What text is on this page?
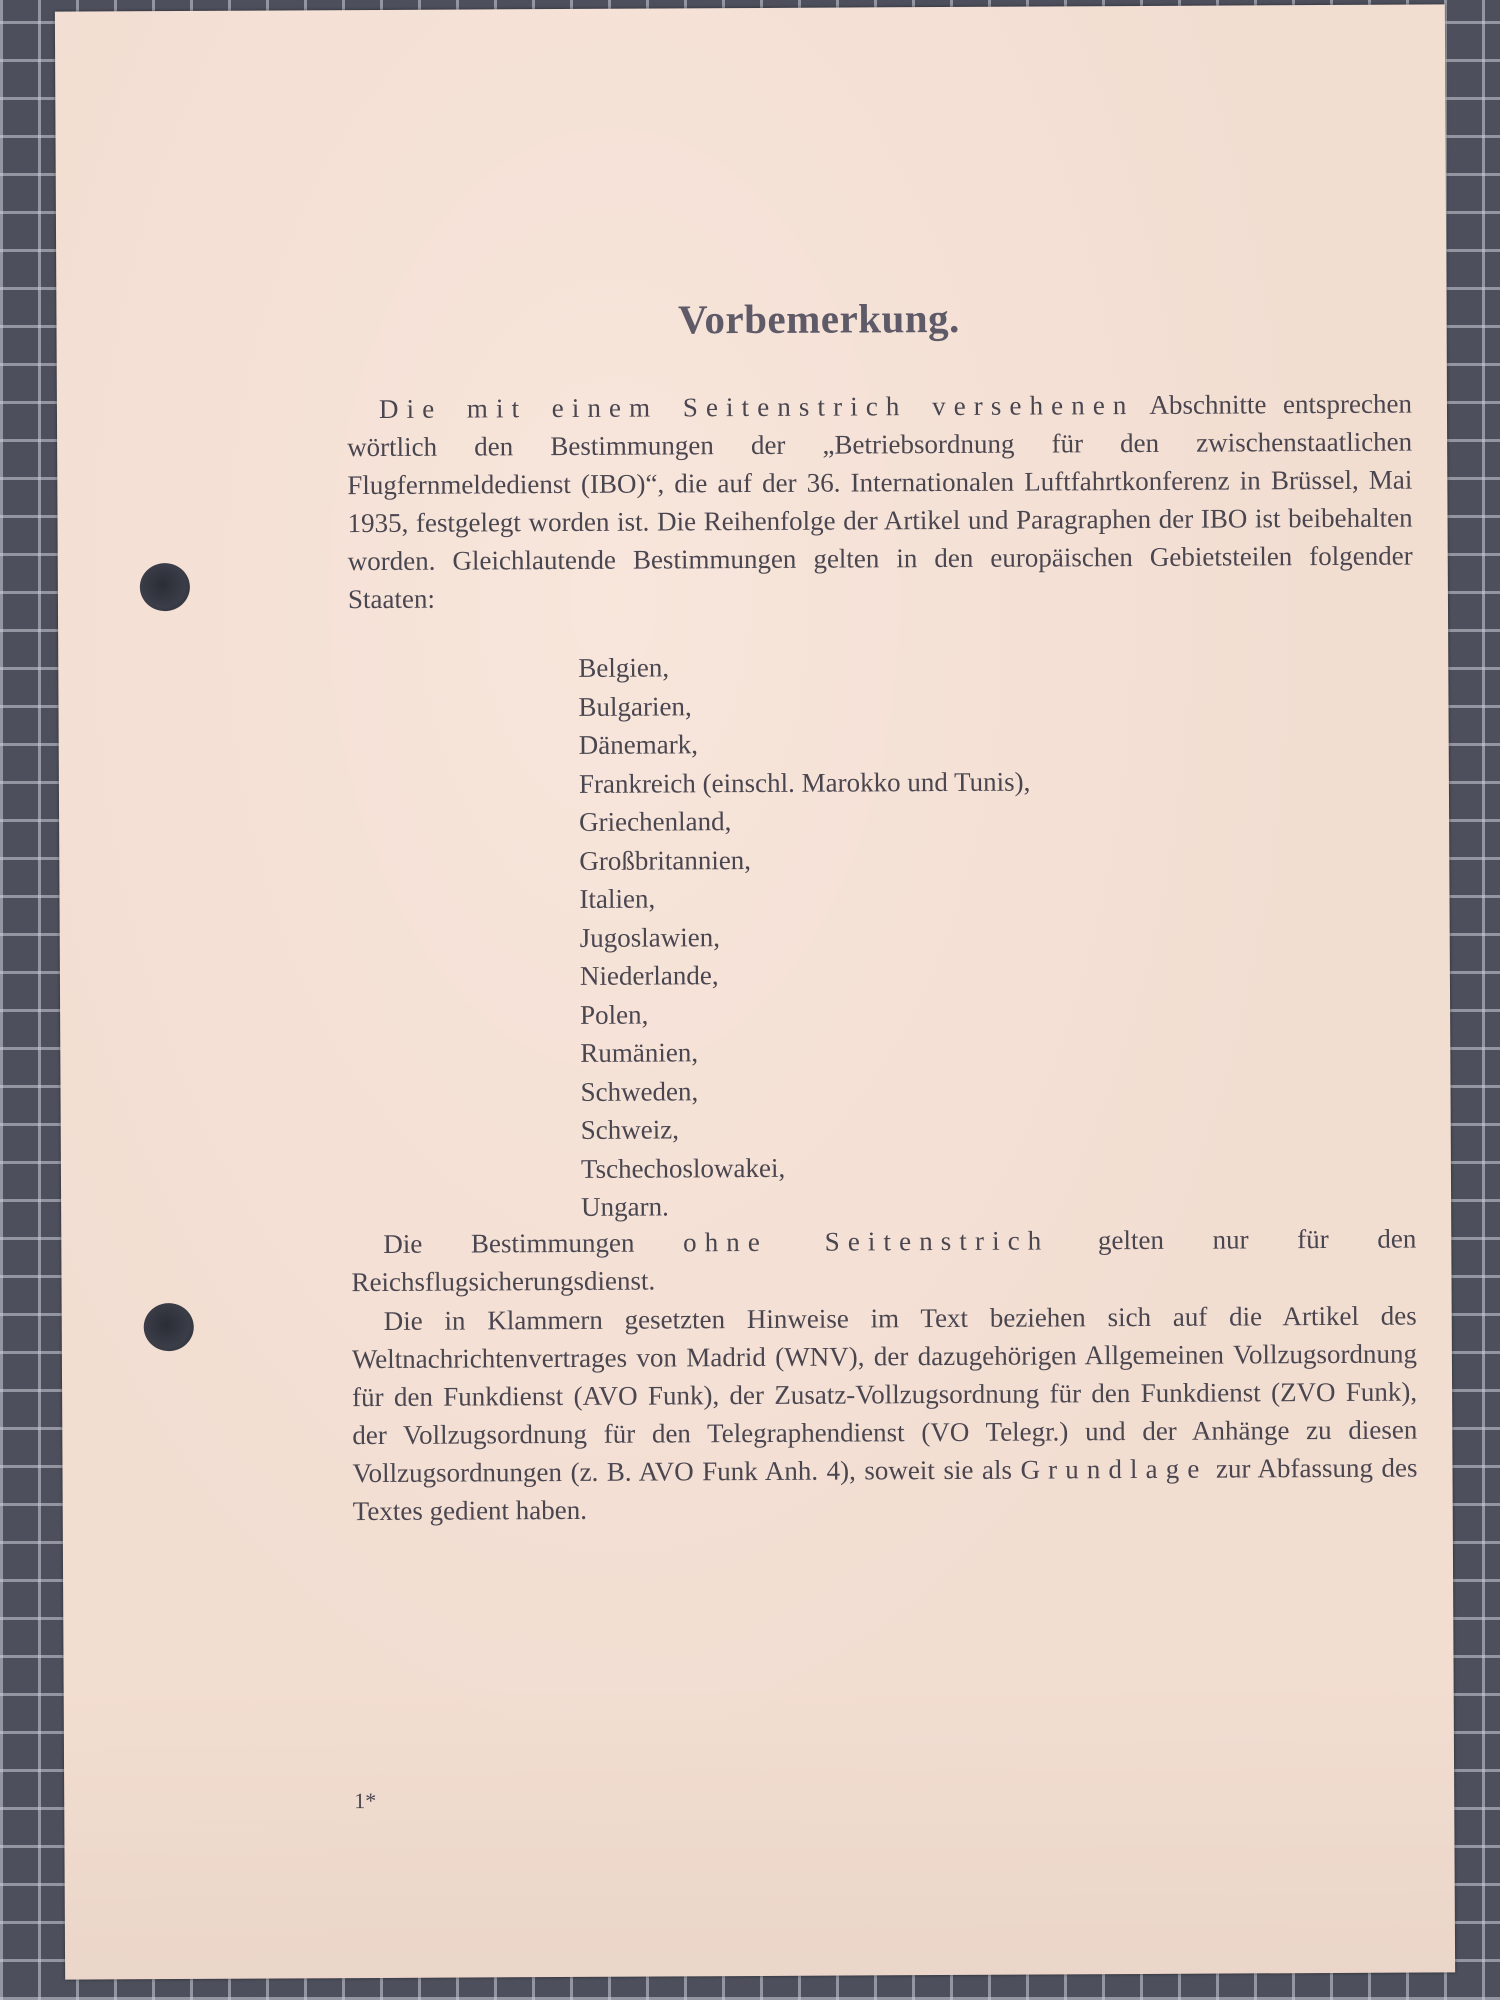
Vorbemerkung.

Die mit einem Seitenstrich versehenen Abschnitte entsprechen wörtlich den Bestimmungen der „Betriebsordnung für den zwischenstaatlichen Flugfernmeldedienst (IBO)“, die auf der 36. Internationalen Luftfahrtkonferenz in Brüssel, Mai 1935, festgelegt worden ist. Die Reihenfolge der Artikel und Paragraphen der IBO ist beibehalten worden. Gleichlautende Bestimmungen gelten in den europäischen Gebietsteilen folgender Staaten:

Belgien,
Bulgarien,
Dänemark,
Frankreich (einschl. Marokko und Tunis),
Griechenland,
Großbritannien,
Italien,
Jugoslawien,
Niederlande,
Polen,
Rumänien,
Schweden,
Schweiz,
Tschechoslowakei,
Ungarn.

Die Bestimmungen ohne Seitenstrich gelten nur für den Reichsflugsicherungsdienst.

Die in Klammern gesetzten Hinweise im Text beziehen sich auf die Artikel des Weltnachrichtenvertrages von Madrid (WNV), der dazugehörigen Allgemeinen Vollzugsordnung für den Funkdienst (AVO Funk), der Zusatz-Vollzugsordnung für den Funkdienst (ZVO Funk), der Vollzugsordnung für den Telegraphendienst (VO Telegr.) und der Anhänge zu diesen Vollzugsordnungen (z. B. AVO Funk Anh. 4), soweit sie als Grundlage zur Abfassung des Textes gedient haben.

1*
